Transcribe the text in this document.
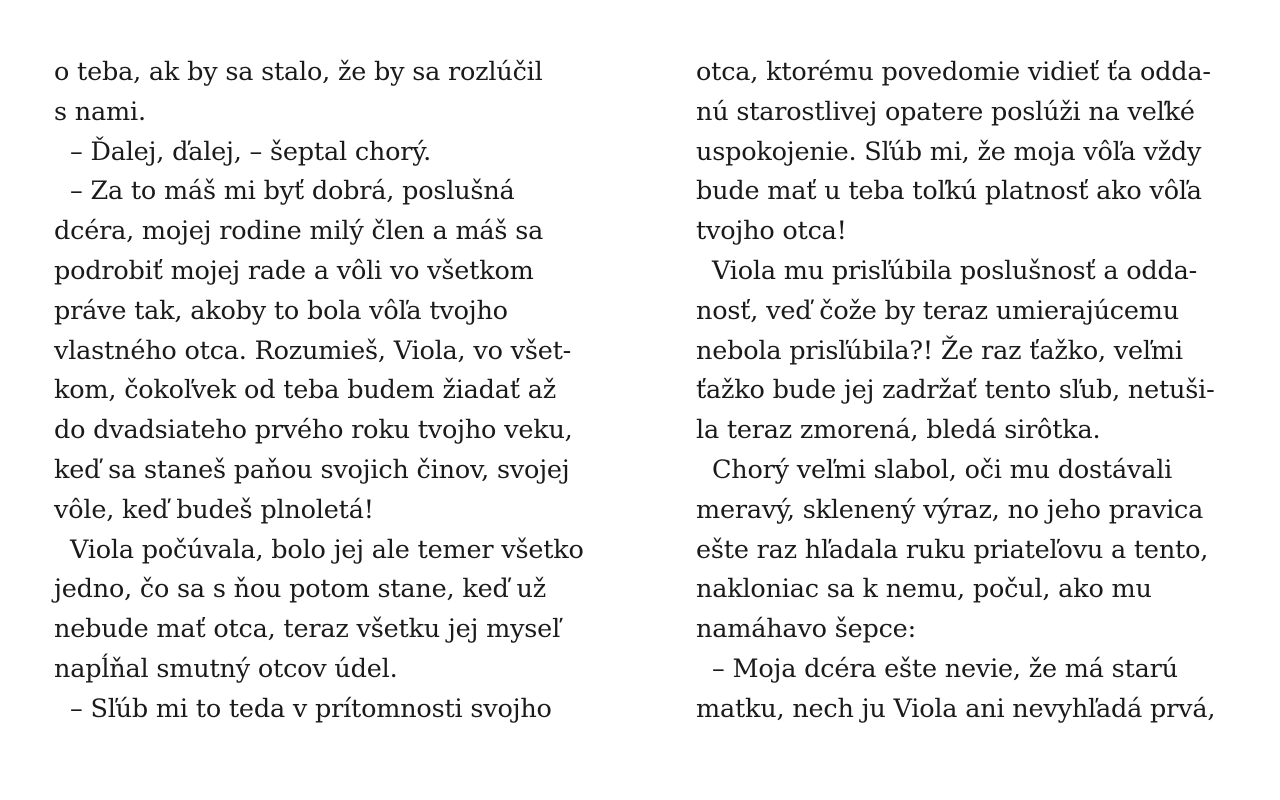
o teba, ak by sa stalo, že by sa rozlúčil
s nami.
– Ďalej, ďalej, – šeptal chorý.
– Za to máš mi byť dobrá, poslušná
dcéra, mojej rodine milý člen a máš sa
podrobiť mojej rade a vôli vo všetkom
práve tak, akoby to bola vôľa tvojho
vlastného otca. Rozumieš, Viola, vo všet-
kom, čokoľvek od teba budem žiadať až
do dvadsiateho prvého roku tvojho veku,
keď sa staneš paňou svojich činov, svojej
vôle, keď budeš plnoletá!
Viola počúvala, bolo jej ale temer všetko
jedno, čo sa s ňou potom stane, keď už
nebude mať otca, teraz všetku jej myseľ
napĺňal smutný otcov údel.
– Sľúb mi to teda v prítomnosti svojho
otca, ktorému povedomie vidieť ťa odda-
nú starostlivej opatere poslúži na veľké
uspokojenie. Sľúb mi, že moja vôľa vždy
bude mať u teba toľkú platnosť ako vôľa
tvojho otca!
Viola mu prisľúbila poslušnosť a odda-
nosť, veď čože by teraz umierajúcemu
nebola prisľúbila?! Že raz ťažko, veľmi
ťažko bude jej zadržať tento sľub, netuši-
la teraz zmorená, bledá sirôtka.
Chorý veľmi slabol, oči mu dostávali
meravý, sklenený výraz, no jeho pravica
ešte raz hľadala ruku priateľovu a tento,
nakloniac sa k nemu, počul, ako mu
namáhavo šepce:
– Moja dcéra ešte nevie, že má starú
matku, nech ju Viola ani nevyhľadá prvá,
